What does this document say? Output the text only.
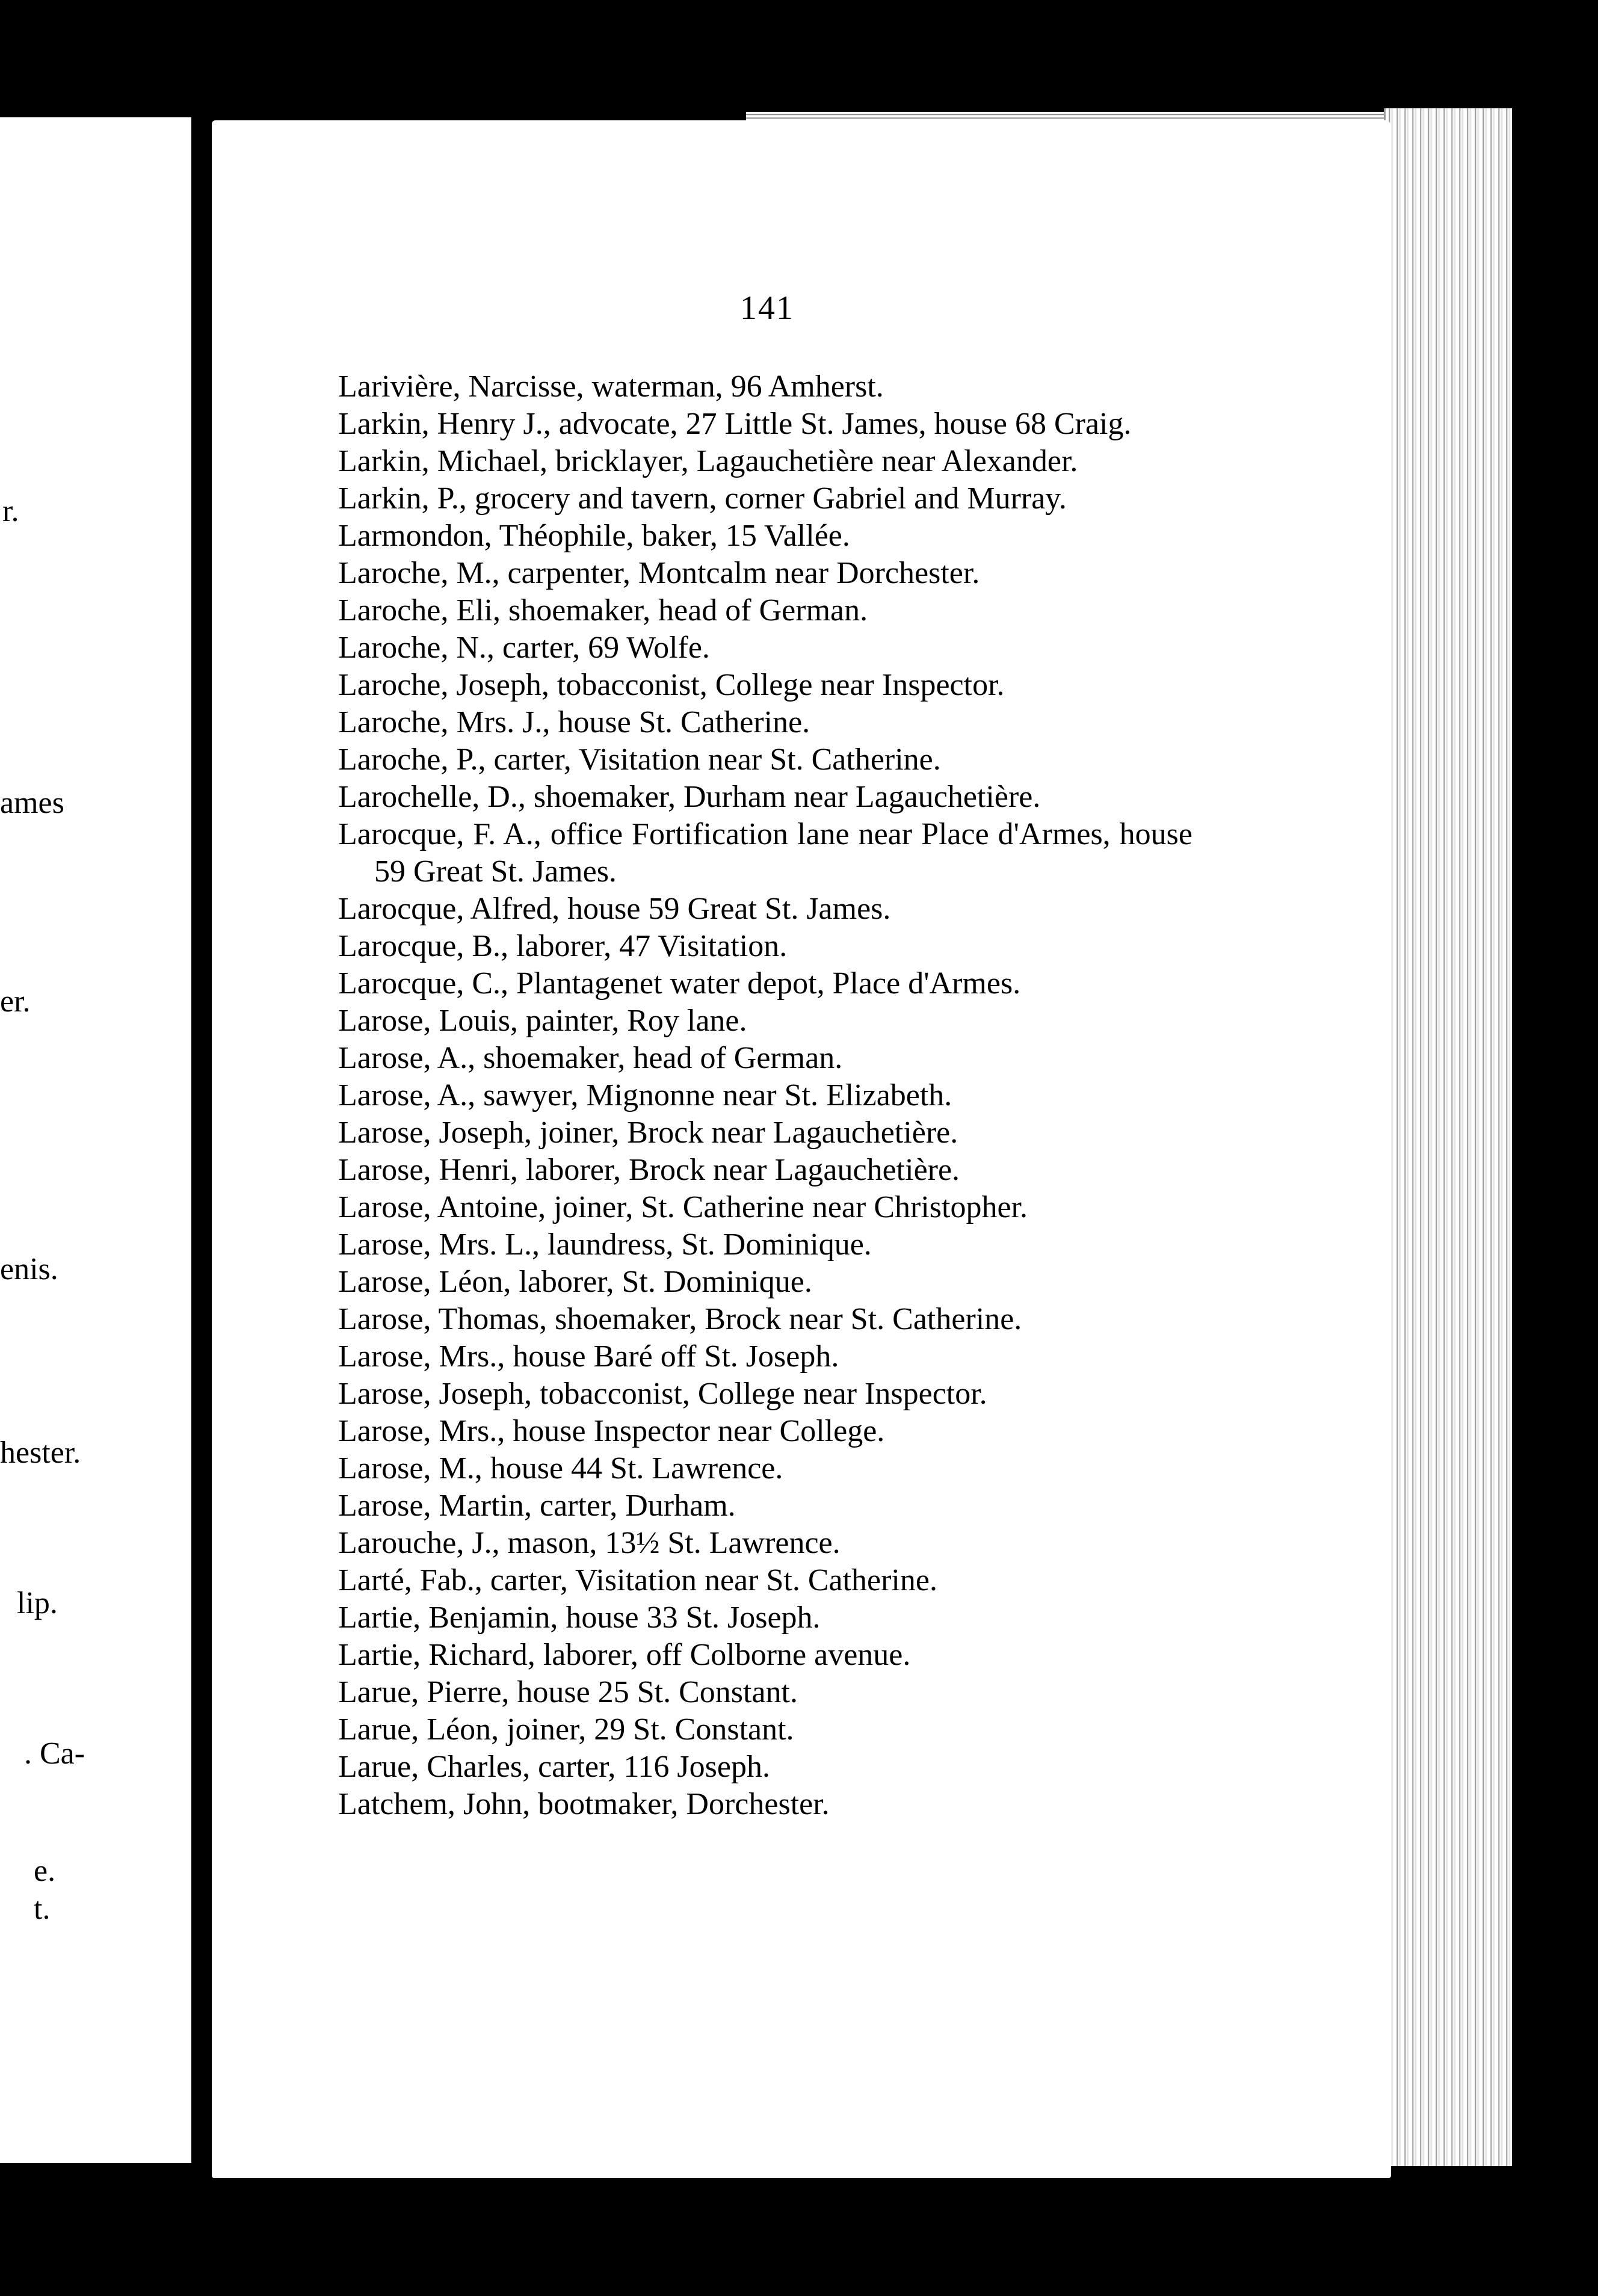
r.
ames
er.
enis.
hester.
lip.
. Ca-
e.
t.
141
Larivière, Narcisse, waterman, 96 Amherst.
Larkin, Henry J., advocate, 27 Little St. James, house 68 Craig.
Larkin, Michael, bricklayer, Lagauchetière near Alexander.
Larkin, P., grocery and tavern, corner Gabriel and Murray.
Larmondon, Théophile, baker, 15 Vallée.
Laroche, M., carpenter, Montcalm near Dorchester.
Laroche, Eli, shoemaker, head of German.
Laroche, N., carter, 69 Wolfe.
Laroche, Joseph, tobacconist, College near Inspector.
Laroche, Mrs. J., house St. Catherine.
Laroche, P., carter, Visitation near St. Catherine.
Larochelle, D., shoemaker, Durham near Lagauchetière.
Larocque, F. A., office Fortification lane near Place d'Armes, house 59 Great St. James.
Larocque, Alfred, house 59 Great St. James.
Larocque, B., laborer, 47 Visitation.
Larocque, C., Plantagenet water depot, Place d'Armes.
Larose, Louis, painter, Roy lane.
Larose, A., shoemaker, head of German.
Larose, A., sawyer, Mignonne near St. Elizabeth.
Larose, Joseph, joiner, Brock near Lagauchetière.
Larose, Henri, laborer, Brock near Lagauchetière.
Larose, Antoine, joiner, St. Catherine near Christopher.
Larose, Mrs. L., laundress, St. Dominique.
Larose, Léon, laborer, St. Dominique.
Larose, Thomas, shoemaker, Brock near St. Catherine.
Larose, Mrs., house Baré off St. Joseph.
Larose, Joseph, tobacconist, College near Inspector.
Larose, Mrs., house Inspector near College.
Larose, M., house 44 St. Lawrence.
Larose, Martin, carter, Durham.
Larouche, J., mason, 13½ St. Lawrence.
Larté, Fab., carter, Visitation near St. Catherine.
Lartie, Benjamin, house 33 St. Joseph.
Lartie, Richard, laborer, off Colborne avenue.
Larue, Pierre, house 25 St. Constant.
Larue, Léon, joiner, 29 St. Constant.
Larue, Charles, carter, 116 Joseph.
Latchem, John, bootmaker, Dorchester.
